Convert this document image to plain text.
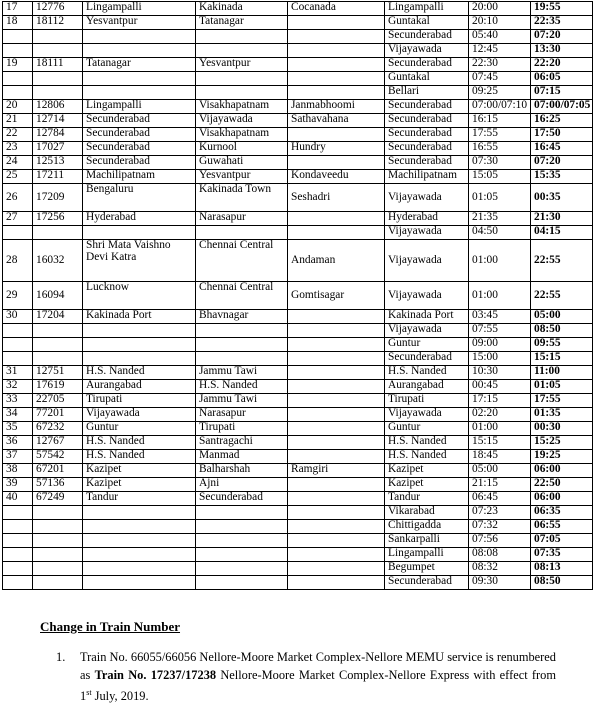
17	12776	Lingampalli	Kakinada	Cocanada	Lingampalli	20:00	19:55
18	18112	Yesvantpur	Tatanagar		Guntakal	20:10	22:35
					Secunderabad	05:40	07:20
					Vijayawada	12:45	13:30
19	18111	Tatanagar	Yesvantpur		Secunderabad	22:30	22:20
					Guntakal	07:45	06:05
					Bellari	09:25	07:15
20	12806	Lingampalli	Visakhapatnam	Janmabhoomi	Secunderabad	07:00/07:10	07:00/07:05
21	12714	Secunderabad	Vijayawada	Sathavahana	Secunderabad	16:15	16:25
22	12784	Secunderabad	Visakhapatnam		Secunderabad	17:55	17:50
23	17027	Secunderabad	Kurnool	Hundry	Secunderabad	16:55	16:45
24	12513	Secunderabad	Guwahati		Secunderabad	07:30	07:20
25	17211	Machilipatnam	Yesvantpur	Kondaveedu	Machilipatnam	15:05	15:35
26	17209	Bengaluru	Kakinada Town	Seshadri	Vijayawada	01:05	00:35
27	17256	Hyderabad	Narasapur		Hyderabad	21:35	21:30
					Vijayawada	04:50	04:15
28	16032	Shri Mata Vaishno Devi Katra	Chennai Central	Andaman	Vijayawada	01:00	22:55
29	16094	Lucknow	Chennai Central	Gomtisagar	Vijayawada	01:00	22:55
30	17204	Kakinada Port	Bhavnagar		Kakinada Port	03:45	05:00
					Vijayawada	07:55	08:50
					Guntur	09:00	09:55
					Secunderabad	15:00	15:15
31	12751	H.S. Nanded	Jammu Tawi		H.S. Nanded	10:30	11:00
32	17619	Aurangabad	H.S. Nanded		Aurangabad	00:45	01:05
33	22705	Tirupati	Jammu Tawi		Tirupati	17:15	17:55
34	77201	Vijayawada	Narasapur		Vijayawada	02:20	01:35
35	67232	Guntur	Tirupati		Guntur	01:00	00:30
36	12767	H.S. Nanded	Santragachi		H.S. Nanded	15:15	15:25
37	57542	H.S. Nanded	Manmad		H.S. Nanded	18:45	19:25
38	67201	Kazipet	Balharshah	Ramgiri	Kazipet	05:00	06:00
39	57136	Kazipet	Ajni		Kazipet	21:15	22:50
40	67249	Tandur	Secunderabad		Tandur	06:45	06:00
					Vikarabad	07:23	06:35
					Chittigadda	07:32	06:55
					Sankarpalli	07:56	07:05
					Lingampalli	08:08	07:35
					Begumpet	08:32	08:13
					Secunderabad	09:30	08:50
Change in Train Number
1. Train No. 66055/66056 Nellore-Moore Market Complex-Nellore MEMU service is renumbered as Train No. 17237/17238 Nellore-Moore Market Complex-Nellore Express with effect from 1st July, 2019.
